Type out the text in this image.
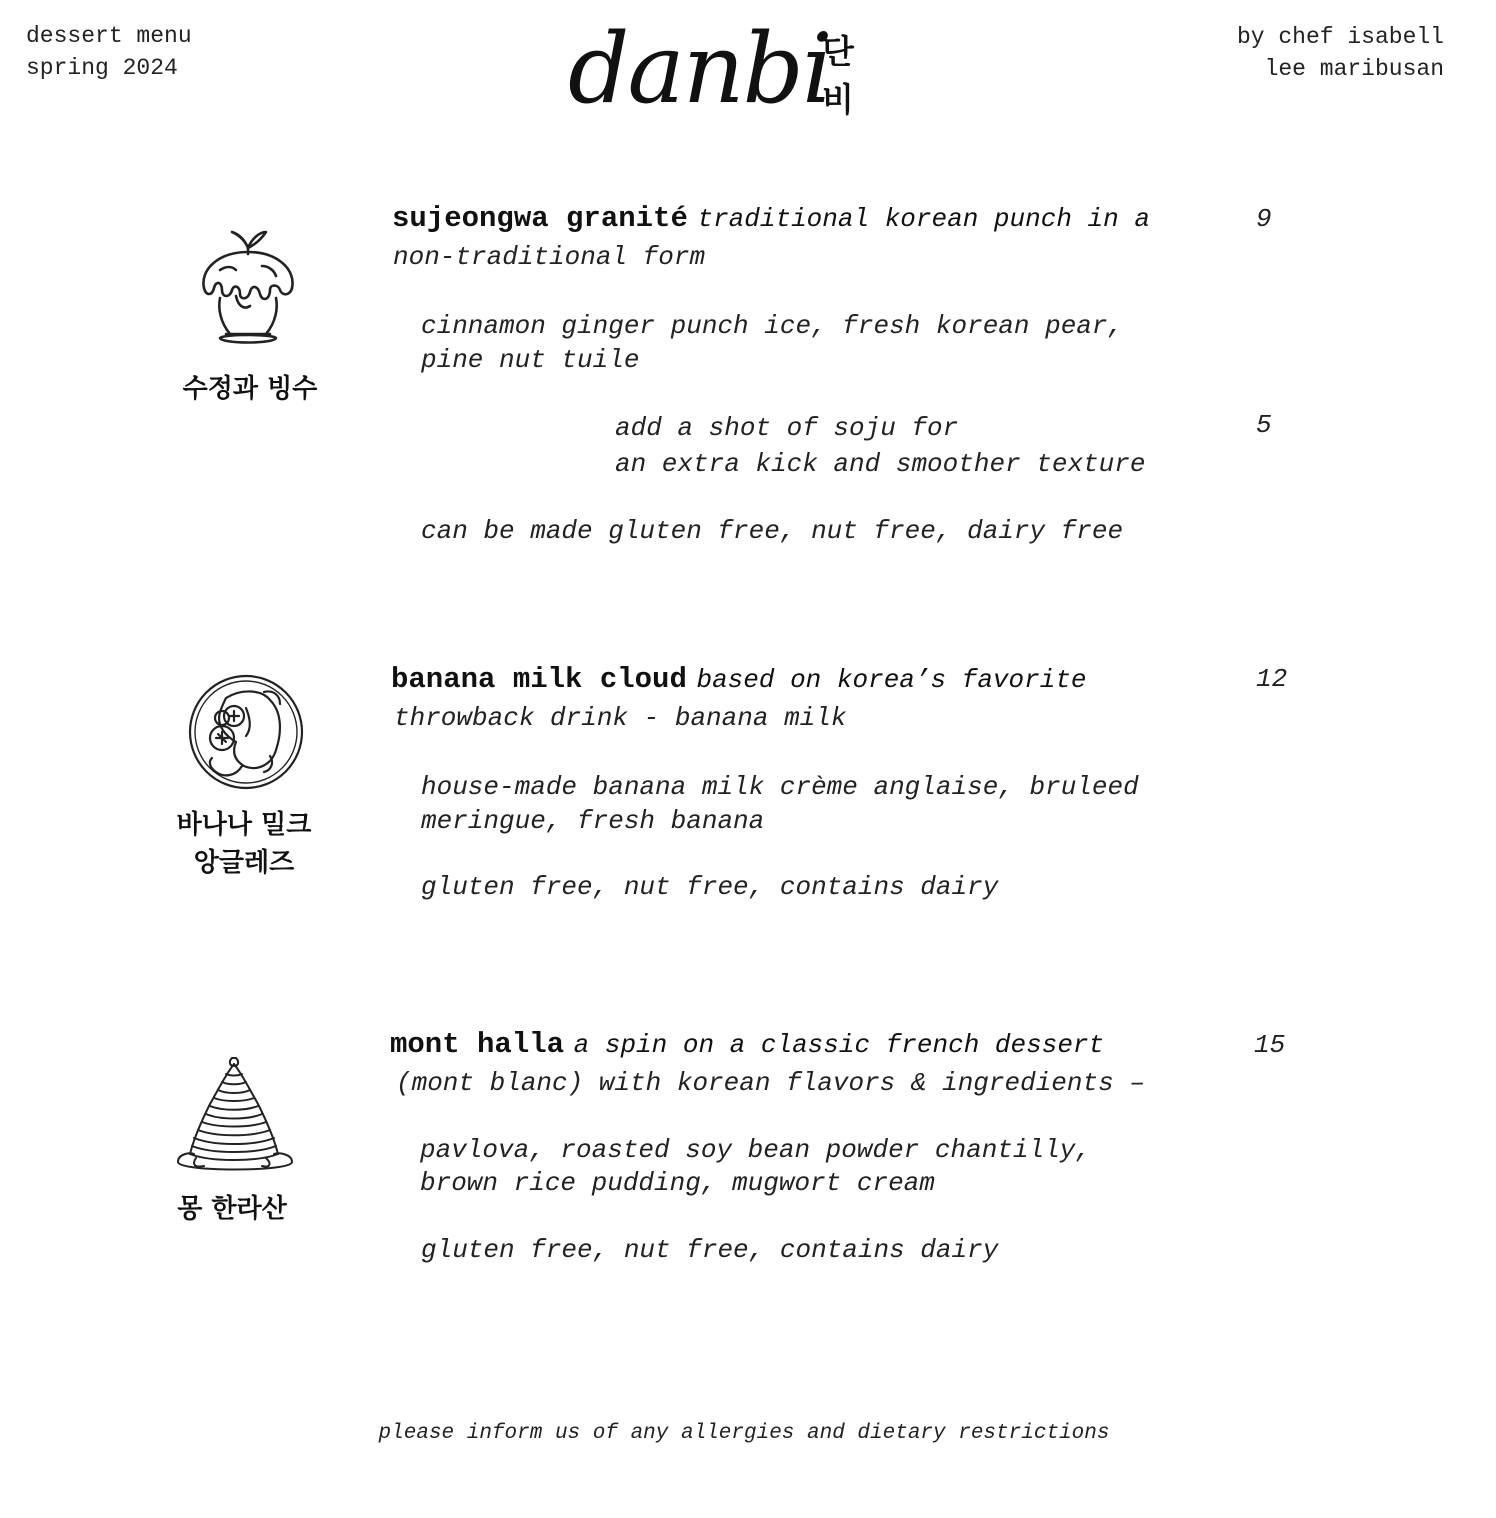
dessert menu
spring 2024	danbi
단
비
by chef isabell
lee maribusan
수정과 빙수
sujeongwa granité traditional korean punch in a
non-traditional form
9
cinnamon ginger punch ice, fresh korean pear,
pine nut tuile
add a shot of soju for
an extra kick and smoother texture
5
can be made gluten free, nut free, dairy free
바나나 밀크
앙글레즈
banana milk cloud based on korea’s favorite
throwback drink - banana milk
12
house-made banana milk crème anglaise, bruleed
meringue, fresh banana
gluten free, nut free, contains dairy
몽 한라산
mont halla a spin on a classic french dessert
(mont blanc) with korean flavors & ingredients –
15
pavlova, roasted soy bean powder chantilly,
brown rice pudding, mugwort cream
gluten free, nut free, contains dairy
please inform us of any allergies and dietary restrictions
